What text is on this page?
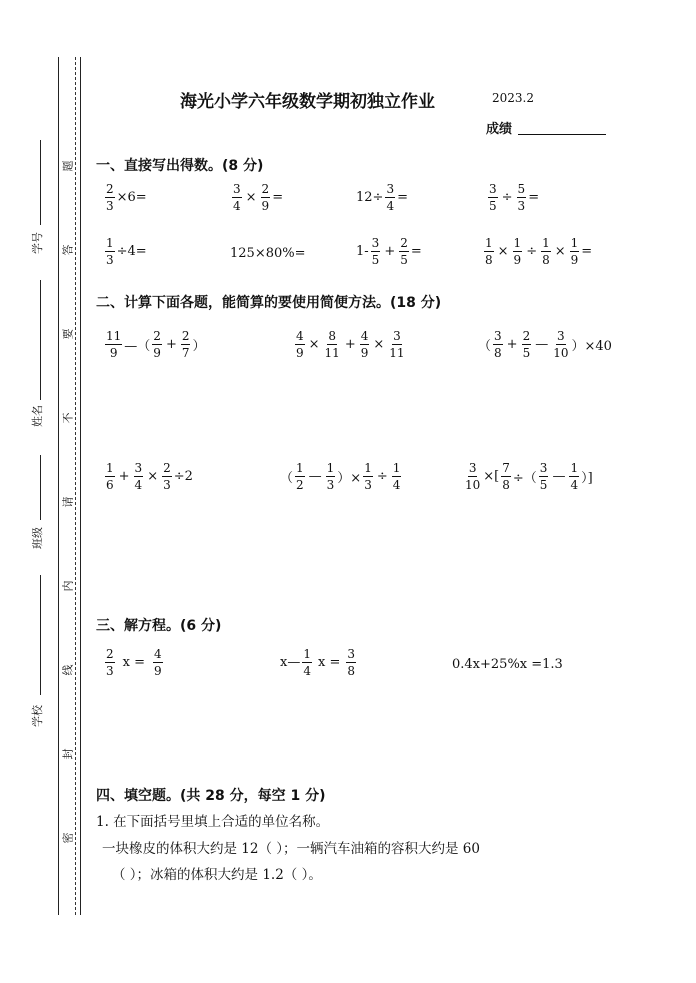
学号
姓名
班级
学校
题
答
要
不
请
内
线
封
密
海光小学六年级数学期初独立作业	2023.2
成绩
一、直接写出得数。(8 分)
$\frac{2}{3} \times 6=$	$\frac{3}{4} \times \frac{2}{9}$ =	$12\div \frac{3}{4}$ =	$\frac{3}{5} \div \frac{5}{3}$ =
$\frac{1}{3} \div 4=$	125×80%=	$1- \frac{3}{5} + \frac{2}{5}$ =	$\frac{1}{8} \times \frac{1}{9} \div \frac{1}{8} \times \frac{1}{9}$ =
二、计算下面各题，能简算的要使用简便方法。(18 分)
$\frac{11}{9}$ —（ $\frac{2}{9} + \frac{2}{7}$ ）	$\frac{4}{9} \times \frac{8}{11} + \frac{4}{9} \times \frac{3}{11}$	（ $\frac{3}{8} + \frac{2}{5}$ — $\frac{3}{10} )\times 40$
$\frac{1}{6} + \frac{3}{4} \times \frac{2}{3} \div 2$	（ $\frac{1}{2}$ — $\frac{1}{3}$ ）× $\frac{1}{3} \div \frac{1}{4}$	$\frac{3}{10}$ ×[ $\frac{7}{8}$ ÷（ $\frac{3}{5}$ — $\frac{1}{4}$ ）]
三、解方程。(6 分)
$\frac{2}{3}$ $x = \frac{4}{9}$	x— $\frac{1}{4}$ $x = \frac{3}{8}$	0.4x+25%x =1.3
四、填空题。(共 28 分，每空 1 分)
1. 在下面括号里填上合适的单位名称。
一块橡皮的体积大约是 12（ ）；一辆汽车油箱的容积大约是 60
（ ）；冰箱的体积大约是 1.2（ ）。
